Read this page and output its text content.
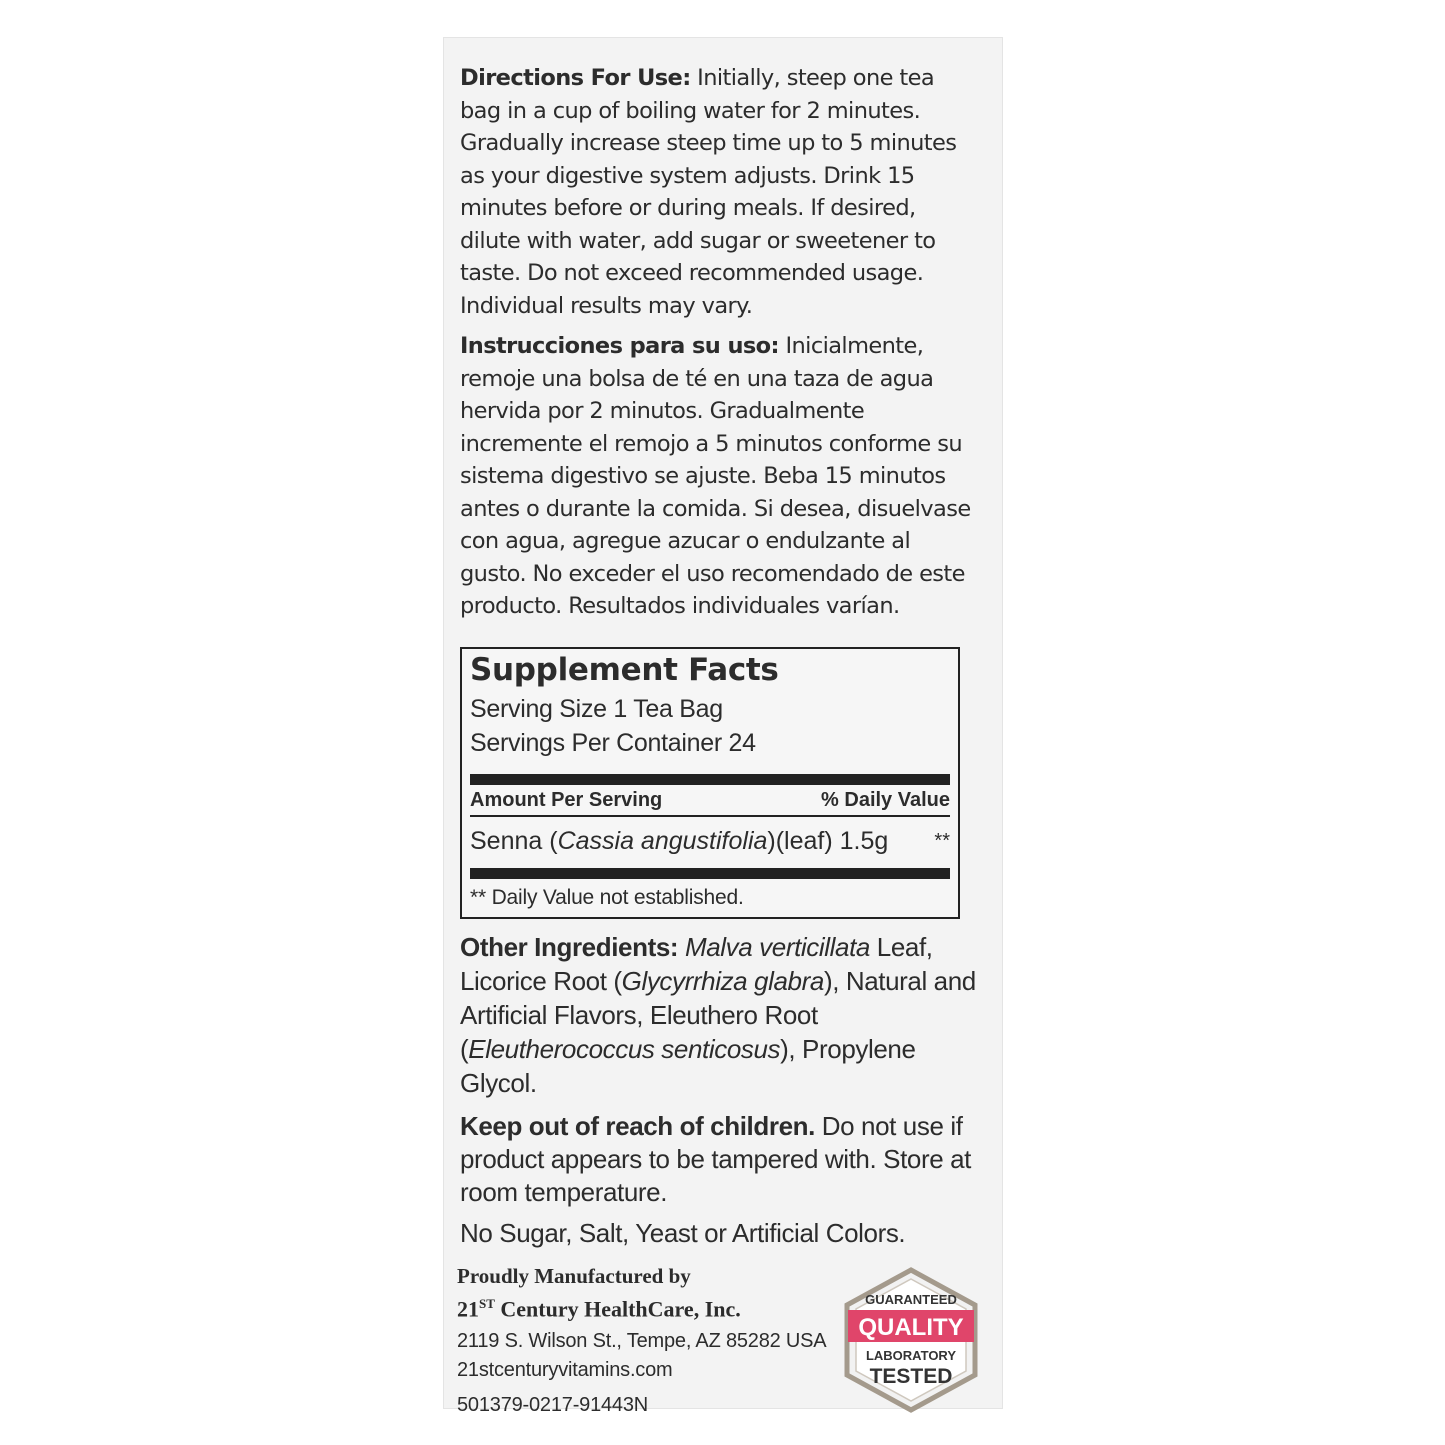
Directions For Use: Initially, steep one tea bag in a cup of boiling water for 2 minutes. Gradually increase steep time up to 5 minutes as your digestive system adjusts. Drink 15 minutes before or during meals. If desired, dilute with water, add sugar or sweetener to taste. Do not exceed recommended usage. Individual results may vary.

Instrucciones para su uso: Inicialmente, remoje una bolsa de té en una taza de agua hervida por 2 minutos. Gradualmente incremente el remojo a 5 minutos conforme su sistema digestivo se ajuste. Beba 15 minutos antes o durante la comida. Si desea, disuelvase con agua, agregue azucar o endulzante al gusto. No exceder el uso recomendado de este producto. Resultados individuales varían.

Supplement Facts
Serving Size 1 Tea Bag
Servings Per Container 24
Amount Per Serving	% Daily Value
Senna (Cassia angustifolia)(leaf) 1.5g **
** Daily Value not established.

Other Ingredients: Malva verticillata Leaf, Licorice Root (Glycyrrhiza glabra), Natural and Artificial Flavors, Eleuthero Root (Eleutherococcus senticosus), Propylene Glycol.

Keep out of reach of children. Do not use if product appears to be tampered with. Store at room temperature.

No Sugar, Salt, Yeast or Artificial Colors.

Proudly Manufactured by
21ST Century HealthCare, Inc.
2119 S. Wilson St., Tempe, AZ 85282 USA
21stcenturyvitamins.com
501379-0217-91443N
GUARANTEED
QUALITY
LABORATORY
TESTED
